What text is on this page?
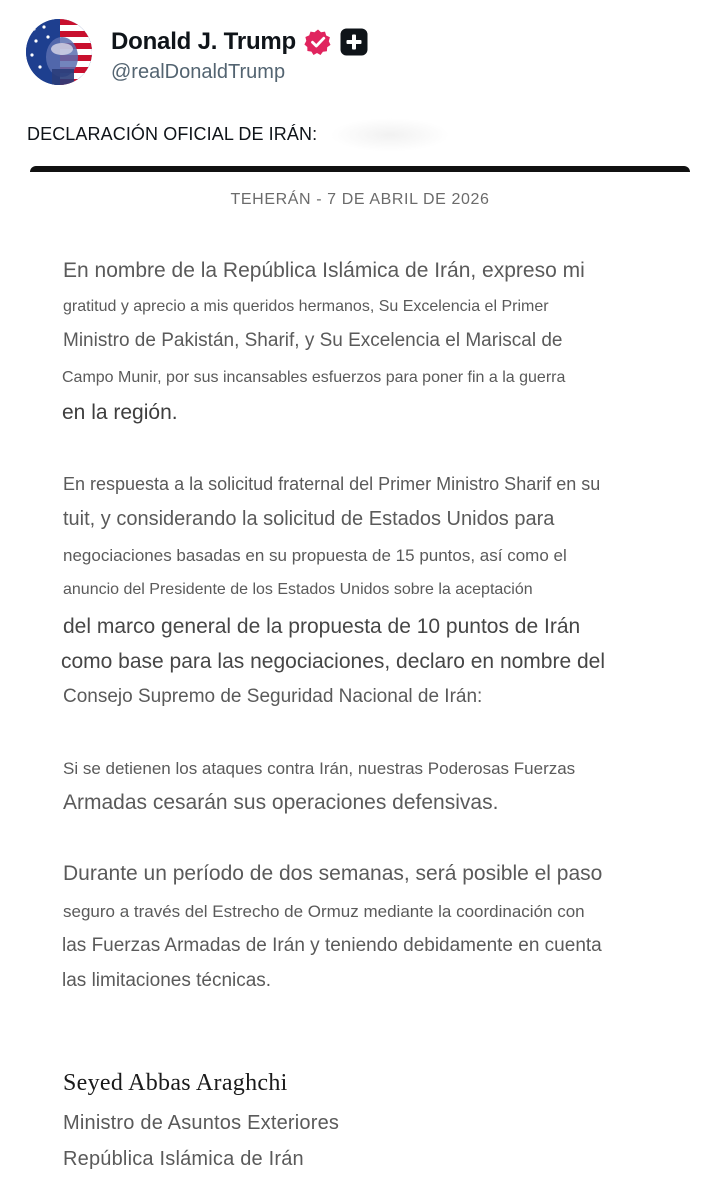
Donald J. Trump
@realDonaldTrump
DECLARACIÓN OFICIAL DE IRÁN:
TEHERÁN - 7 DE ABRIL DE 2026
En nombre de la República Islámica de Irán, expreso mi
gratitud y aprecio a mis queridos hermanos, Su Excelencia el Primer
Ministro de Pakistán, Sharif, y Su Excelencia el Mariscal de
Campo Munir, por sus incansables esfuerzos para poner fin a la guerra
en la región.
En respuesta a la solicitud fraternal del Primer Ministro Sharif en su
tuit, y considerando la solicitud de Estados Unidos para
negociaciones basadas en su propuesta de 15 puntos, así como el
anuncio del Presidente de los Estados Unidos sobre la aceptación
del marco general de la propuesta de 10 puntos de Irán
como base para las negociaciones, declaro en nombre del
Consejo Supremo de Seguridad Nacional de Irán:
Si se detienen los ataques contra Irán, nuestras Poderosas Fuerzas
Armadas cesarán sus operaciones defensivas.
Durante un período de dos semanas, será posible el paso
seguro a través del Estrecho de Ormuz mediante la coordinación con
las Fuerzas Armadas de Irán y teniendo debidamente en cuenta
las limitaciones técnicas.
Seyed Abbas Araghchi
Ministro de Asuntos Exteriores
República Islámica de Irán
